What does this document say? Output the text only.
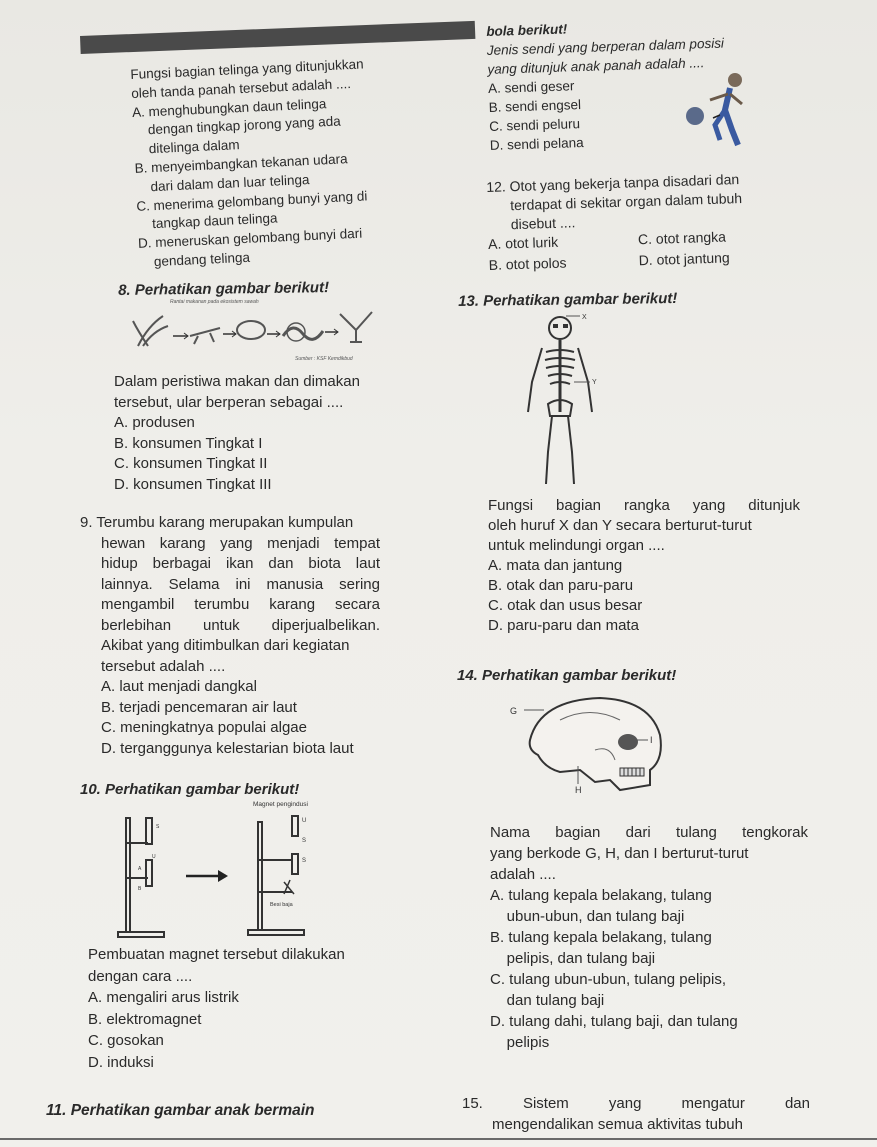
Fungsi bagian telinga yang ditunjukkan
oleh tanda panah tersebut adalah ....
A. menghubungkan daun telinga
dengan tingkap jorong yang ada
ditelinga dalam
B. menyeimbangkan tekanan udara
dari dalam dan luar telinga
C. menerima gelombang bunyi yang di
tangkap daun telinga
D. meneruskan gelombang bunyi dari
gendang telinga
bola berikut!
Jenis sendi yang berperan dalam posisi
yang ditunjuk anak panah adalah ....
A. sendi geser
B. sendi engsel
C. sendi peluru
D. sendi pelana
12. Otot yang bekerja tanpa disadari dan
terdapat di sekitar organ dalam tubuh
disebut ....
A. otot lurik	C. otot rangka
B. otot polos	D. otot jantung
8. Perhatikan gambar berikut!
Rantai makanan pada ekosistem sawah
Sumber : KSF Kemdikbud
Dalam peristiwa makan dan dimakan
tersebut, ular berperan sebagai ....
A. produsen
B. konsumen Tingkat I
C. konsumen Tingkat II
D. konsumen Tingkat III
13. Perhatikan gambar berikut!
X
Y
Fungsi bagian rangka yang ditunjuk
oleh huruf X dan Y secara berturut-turut
untuk melindungi organ ....
A. mata dan jantung
B. otak dan paru-paru
C. otak dan usus besar
D. paru-paru dan mata
9. Terumbu karang merupakan kumpulan
hewan karang yang menjadi tempat
hidup berbagai ikan dan biota laut
lainnya. Selama ini manusia sering
mengambil terumbu karang secara
berlebihan untuk diperjualbelikan.
Akibat yang ditimbulkan dari kegiatan
tersebut adalah ....
A. laut menjadi dangkal
B. terjadi pencemaran air laut
C. meningkatnya populai algae
D. terganggunya kelestarian biota laut
14. Perhatikan gambar berikut!
G
I
H
Nama bagian dari tulang tengkorak
yang berkode G, H, dan I berturut-turut
adalah ....
A. tulang kepala belakang, tulang
ubun-ubun, dan tulang baji
B. tulang kepala belakang, tulang
pelipis, dan tulang baji
C. tulang ubun-ubun, tulang pelipis,
dan tulang baji
D. tulang dahi, tulang baji, dan tulang
pelipis
10. Perhatikan gambar berikut!
S
U
A
B
Magnet pengindusi
U
S
S
Besi baja
Pembuatan magnet tersebut dilakukan
dengan cara ....
A. mengaliri arus listrik
B. elektromagnet
C. gosokan
D. induksi
11. Perhatikan gambar anak bermain	15. Sistem yang mengatur dan
mengendalikan semua aktivitas tubuh
